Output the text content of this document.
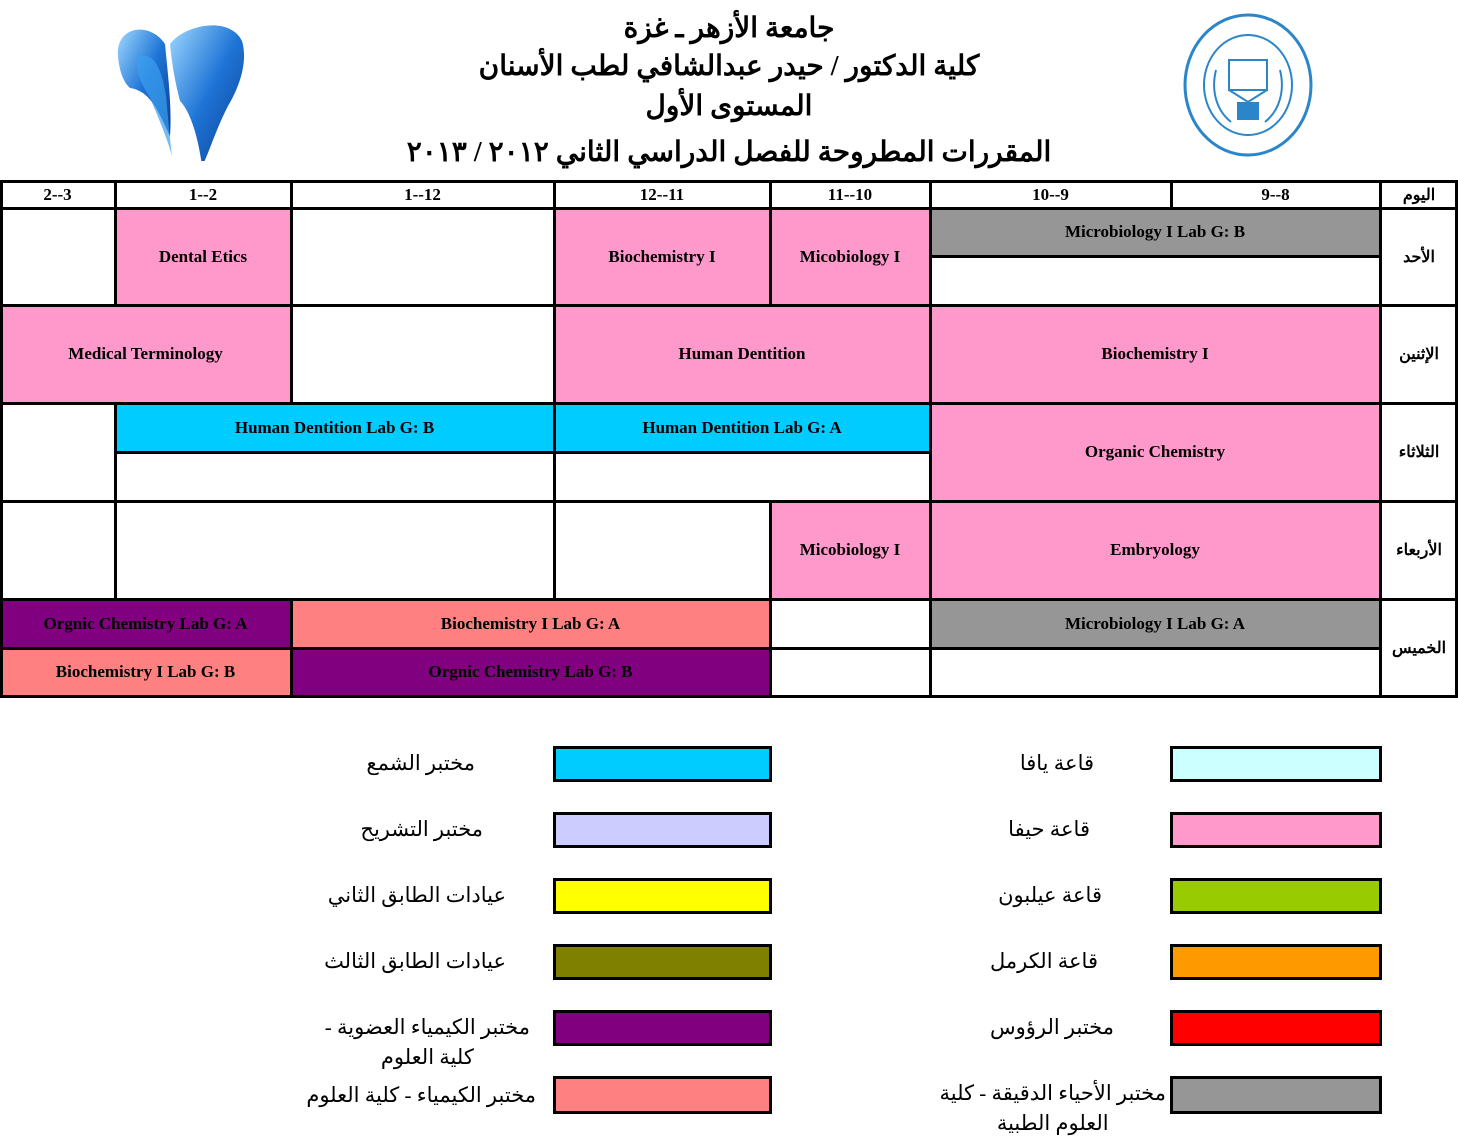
جامعة الأزهر ـ غزة
كلية الدكتور / حيدر عبدالشافي لطب الأسنان
المستوى الأول
المقررات المطروحة للفصل الدراسي الثاني ٢٠١٢ / ٢٠١٣
Microbiology I Lab G: B
Micobiology I
Biochemistry I
Dental Etics
Biochemistry I
Human Dentition
Medical Terminology
Organic Chemistry
Human Dentition Lab G: A
Human Dentition Lab G: B
Embryology
Micobiology I
Microbiology I Lab G: A
Biochemistry I Lab G: A
Orgnic Chemistry Lab G: A
Orgnic Chemistry Lab G: B
Biochemistry I Lab G: B
اليوم
9--8
10--9
11--10
12--11
1--12
1--2
2--3
الأحد
الإثنين
الثلاثاء
الأربعاء
الخميس
قاعة يافا
قاعة حيفا
قاعة عيلبون
قاعة الكرمل
مختبر الرؤوس
مختبر الأحياء الدقيقة - كلية
العلوم الطبية
مختبر الشمع
مختبر التشريح
عيادات الطابق الثاني
عيادات الطابق الثالث
مختبر الكيمياء العضوية -
كلية العلوم
مختبر الكيمياء - كلية العلوم
